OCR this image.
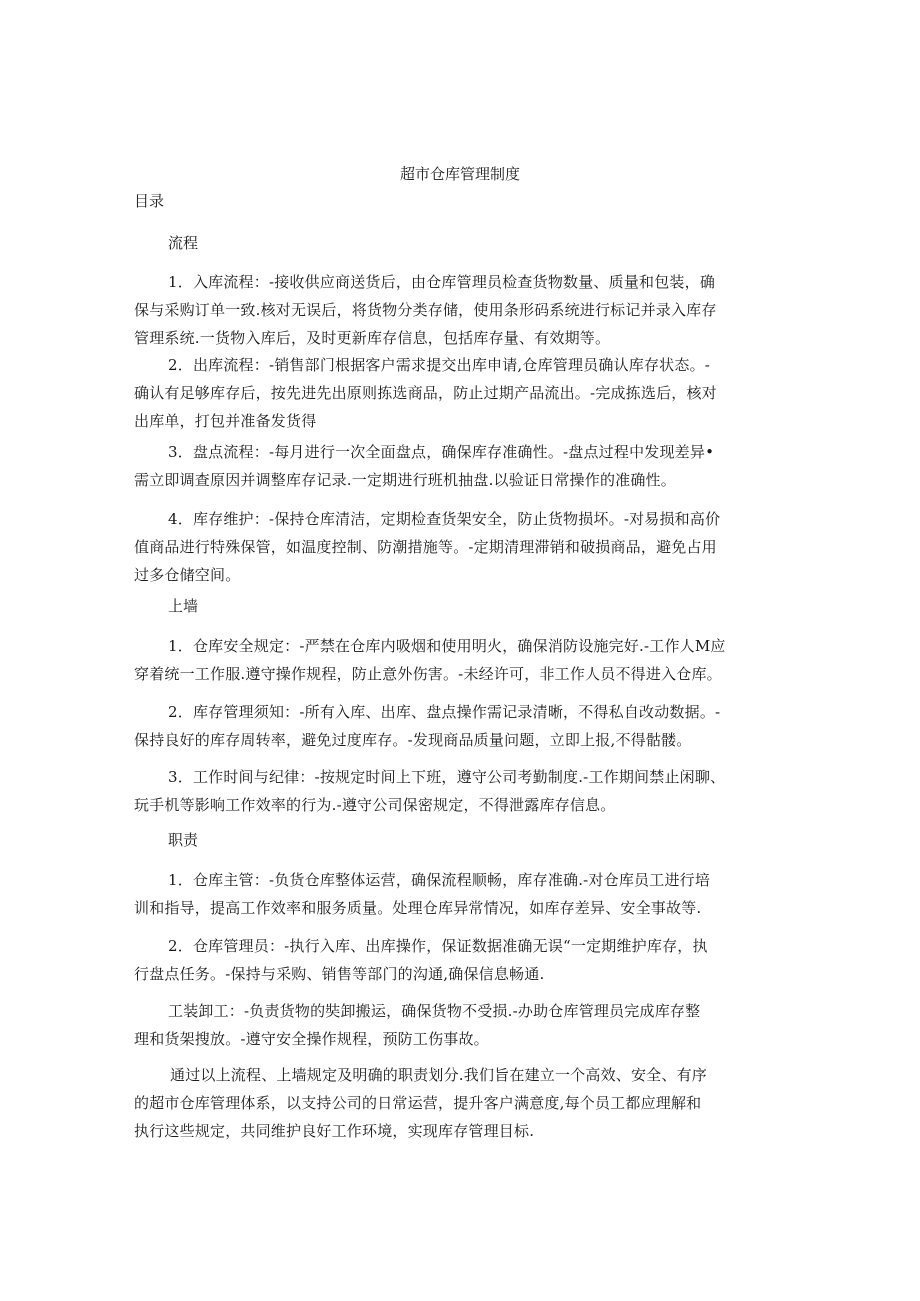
超市仓库管理制度
目录
流程
1．入库流程：-接收供应商送货后，由仓库管理员检查货物数量、质量和包装，确
保与采购订单一致.核对无误后，将货物分类存储，使用条形码系统进行标记并录入库存
管理系统.一货物入库后，及时更新库存信息，包括库存量、有效期等。
2．出库流程：-销售部门根据客户需求提交出库申请,仓库管理员确认库存状态。-
确认有足够库存后，按先进先出原则拣选商品，防止过期产品流出。-完成拣选后，核对
出库单，打包并准备发货得
3．盘点流程：-每月进行一次全面盘点，确保库存准确性。-盘点过程中发现差异•
需立即调查原因并调整库存记录.一定期进行班机抽盘.以验证日常操作的准确性。
4．库存维护：-保持仓库清洁，定期检查货架安全，防止货物损坏。-对易损和高价
值商品进行特殊保管，如温度控制、防潮措施等。-定期清理滞销和破损商品，避免占用
过多仓储空间。
上墙
1．仓库安全规定：-严禁在仓库内吸烟和使用明火，确保消防设施完好.-工作人M应
穿着统一工作服.遵守操作规程，防止意外伤害。-未经许可，非工作人员不得进入仓库。
2．库存管理须知：-所有入库、出库、盘点操作需记录清晰，不得私自改动数据。-
保持良好的库存周转率，避免过度库存。-发现商品质量问题，立即上报,不得骷髅。
3．工作时间与纪律：-按规定时间上下班，遵守公司考勤制度.-工作期间禁止闲聊、
玩手机等影响工作效率的行为.-遵守公司保密规定，不得泄露库存信息。
职责
1．仓库主管：-负货仓库整体运营，确保流程顺畅，库存准确.-对仓库员工进行培
训和指导，提高工作效率和服务质量。处理仓库异常情况，如库存差异、安全事故等.
2．仓库管理员：-执行入库、出库操作，保证数据准确无误“一定期维护库存，执
行盘点任务。-保持与采购、销售等部门的沟通,确保信息畅通.
工装卸工：-负责货物的奘卸搬运，确保货物不受损.-办助仓库管理员完成库存整
理和货架搜放。-遵守安全操作规程，预防工伤事故。
通过以上流程、上墙规定及明确的职责划分.我们旨在建立一个高效、安全、有序
的超市仓库管理体系，以支持公司的日常运营，提升客户满意度,每个员工都应理解和
执行这些规定，共同维护良好工作环境，实现库存管理目标.
